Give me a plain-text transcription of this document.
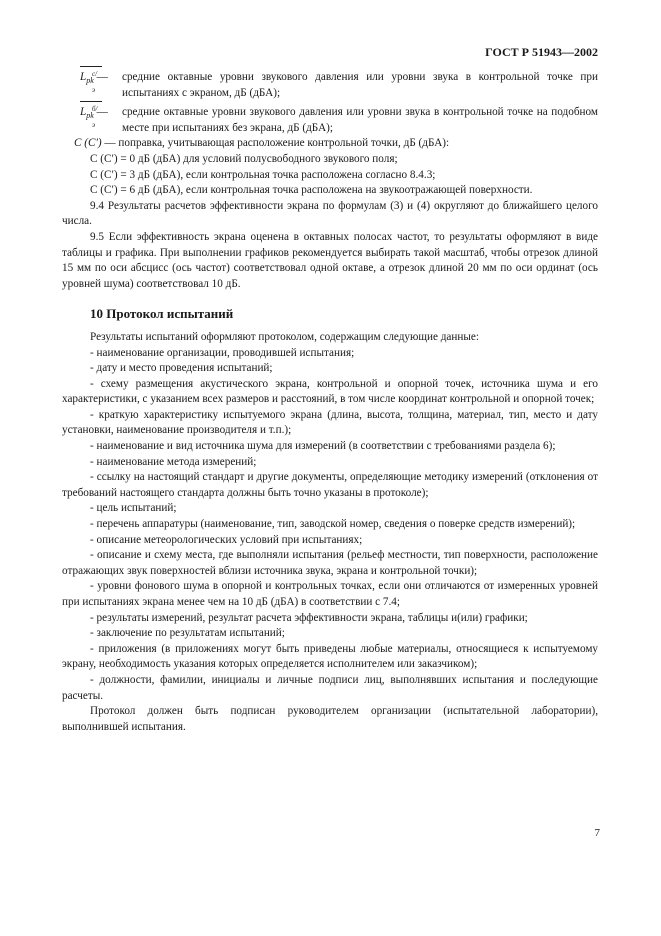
ГОСТ Р 51943—2002
L с/э
$_{pk}$ — средние октавные уровни звукового давления или уровни звука в контрольной точке при испытаниях с экраном, дБ (дБА);
L б/э
$_{pk}$ — средние октавные уровни звукового давления или уровни звука в контрольной точке на подобном месте при испытаниях без экрана, дБ (дБА);

C (C′) — поправка, учитывающая расположение контрольной точки, дБ (дБА):

C (C′) = 0 дБ (дБА) для условий полусвободного звукового поля;

C (C′) = 3 дБ (дБА), если контрольная точка расположена согласно 8.4.3;

C (C′) = 6 дБ (дБА), если контрольная точка расположена на звукоотражающей поверхности.

9.4 Результаты расчетов эффективности экрана по формулам (3) и (4) округляют до ближайшего целого числа.

9.5 Если эффективность экрана оценена в октавных полосах частот, то результаты оформляют в виде таблицы и графика. При выполнении графиков рекомендуется выбирать такой масштаб, чтобы отрезок длиной 15 мм по оси абсцисс (ось частот) соответствовал одной октаве, а отрезок длиной 20 мм по оси ординат (ось уровней шума) соответствовал 10 дБ.

10 Протокол испытаний

Результаты испытаний оформляют протоколом, содержащим следующие данные:

- наименование организации, проводившей испытания;

- дату и место проведения испытаний;

- схему размещения акустического экрана, контрольной и опорной точек, источника шума и его характеристики, с указанием всех размеров и расстояний, в том числе координат контрольной и опорной точек;

- краткую характеристику испытуемого экрана (длина, высота, толщина, материал, тип, место и дату установки, наименование производителя и т.п.);

- наименование и вид источника шума для измерений (в соответствии с требованиями раздела 6);

- наименование метода измерений;

- ссылку на настоящий стандарт и другие документы, определяющие методику измерений (отклонения от требований настоящего стандарта должны быть точно указаны в протоколе);

- цель испытаний;

- перечень аппаратуры (наименование, тип, заводской номер, сведения о поверке средств измерений);

- описание метеорологических условий при испытаниях;

- описание и схему места, где выполняли испытания (рельеф местности, тип поверхности, расположение отражающих звук поверхностей вблизи источника звука, экрана и контрольной точки);

- уровни фонового шума в опорной и контрольных точках, если они отличаются от измеренных уровней при испытаниях экрана менее чем на 10 дБ (дБА) в соответствии с 7.4;

- результаты измерений, результат расчета эффективности экрана, таблицы и(или) графики;

- заключение по результатам испытаний;

- приложения (в приложениях могут быть приведены любые материалы, относящиеся к испытуемому экрану, необходимость указания которых определяется исполнителем или заказчиком);

- должности, фамилии, инициалы и личные подписи лиц, выполнявших испытания и последующие расчеты.

Протокол должен быть подписан руководителем организации (испытательной лаборатории), выполнившей испытания.

7
